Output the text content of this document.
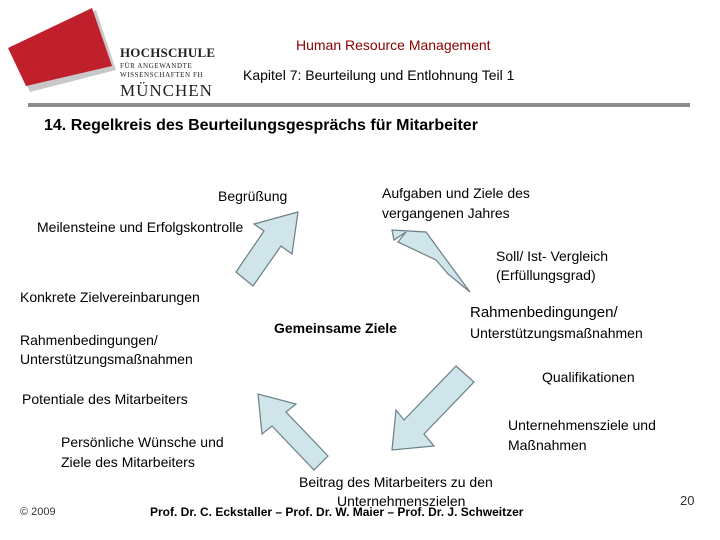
HOCHSCHULE
FÜR ANGEWANDTE
WISSENSCHAFTEN FH
MÜNCHEN
Human Resource Management
Kapitel 7: Beurteilung und Entlohnung Teil 1
14. Regelkreis des Beurteilungsgesprächs für Mitarbeiter
Begrüßung
Meilensteine und Erfolgskontrolle
Aufgaben und Ziele des
vergangenen Jahres
Soll/ Ist- Vergleich
(Erfüllungsgrad)
Konkrete Zielvereinbarungen
Rahmenbedingungen/
Unterstützungsmaßnahmen
Gemeinsame Ziele
Rahmenbedingungen/
Unterstützungsmaßnahmen
Qualifikationen
Potentiale des Mitarbeiters
Unternehmensziele und
Maßnahmen
Persönliche Wünsche und
Ziele des Mitarbeiters
Beitrag des Mitarbeiters zu den
Unternehmenszielen
© 2009	Prof. Dr. C. Eckstaller – Prof. Dr. W. Maier – Prof. Dr. J. Schweitzer
20
